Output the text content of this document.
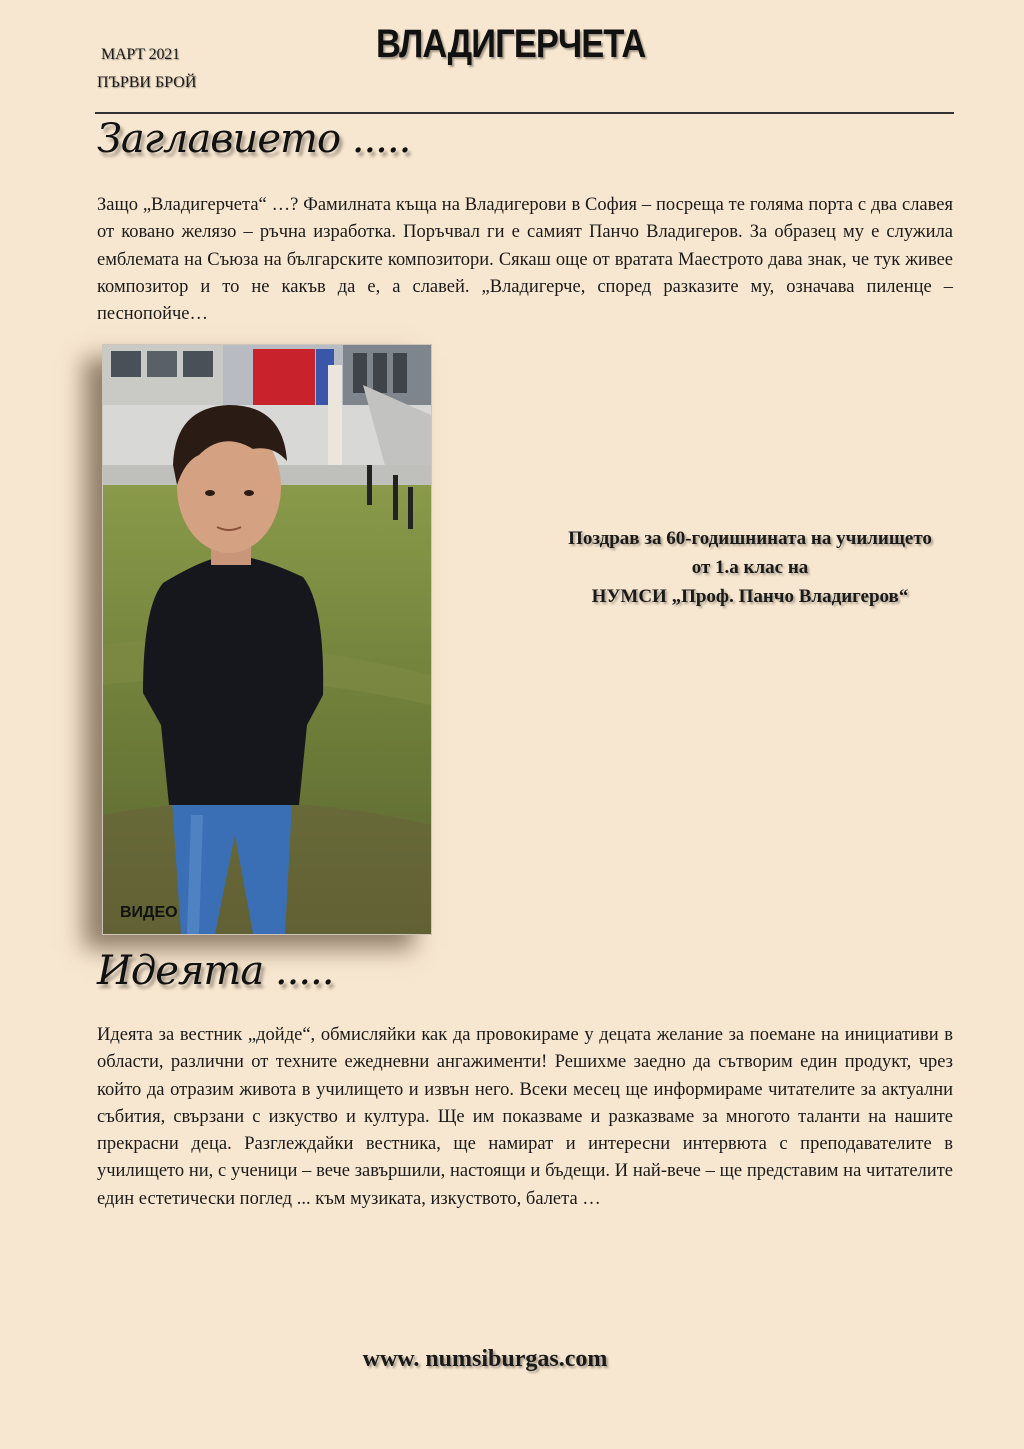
МАРТ 2021
ПЪРВИ БРОЙ
ВЛАДИГЕРЧЕТА
Заглавието .....
Защо „Владигерчета“ …? Фамилната къща на Владигерови в София – посреща те голяма порта с два славея от ковано желязо – ръчна изработка. Поръчвал ги е самият Панчо Владигеров. За образец му е служила емблемата на Съюза на българските композитори. Сякаш още от вратата Маестрото дава знак, че тук живее композитор и то не какъв да е, а славей. „Владигерче, според разказите му, означава пиленце – песнопойче…
ВИДЕО
Поздрав за 60-годишнината на училището
от 1.а клас на
НУМСИ „Проф. Панчо Владигеров“
Идеята .....
Идеята за вестник „дойде“, обмисляйки как да провокираме у децата желание за поемане на инициативи в области, различни от техните ежедневни ангажименти! Решихме заедно да сътворим един продукт, чрез който да отразим живота в училището и извън него. Всеки месец ще информираме читателите за актуални събития, свързани с изкуство и култура. Ще им показваме и разказваме за многото таланти на нашите прекрасни деца. Разглеждайки вестника, ще намират и интересни интервюта с преподавателите в училището ни, с ученици – вече завършили, настоящи и бъдещи. И най-вече – ще представим на читателите един естетически поглед ... към музиката, изкуството, балета …
www. numsiburgas.com
